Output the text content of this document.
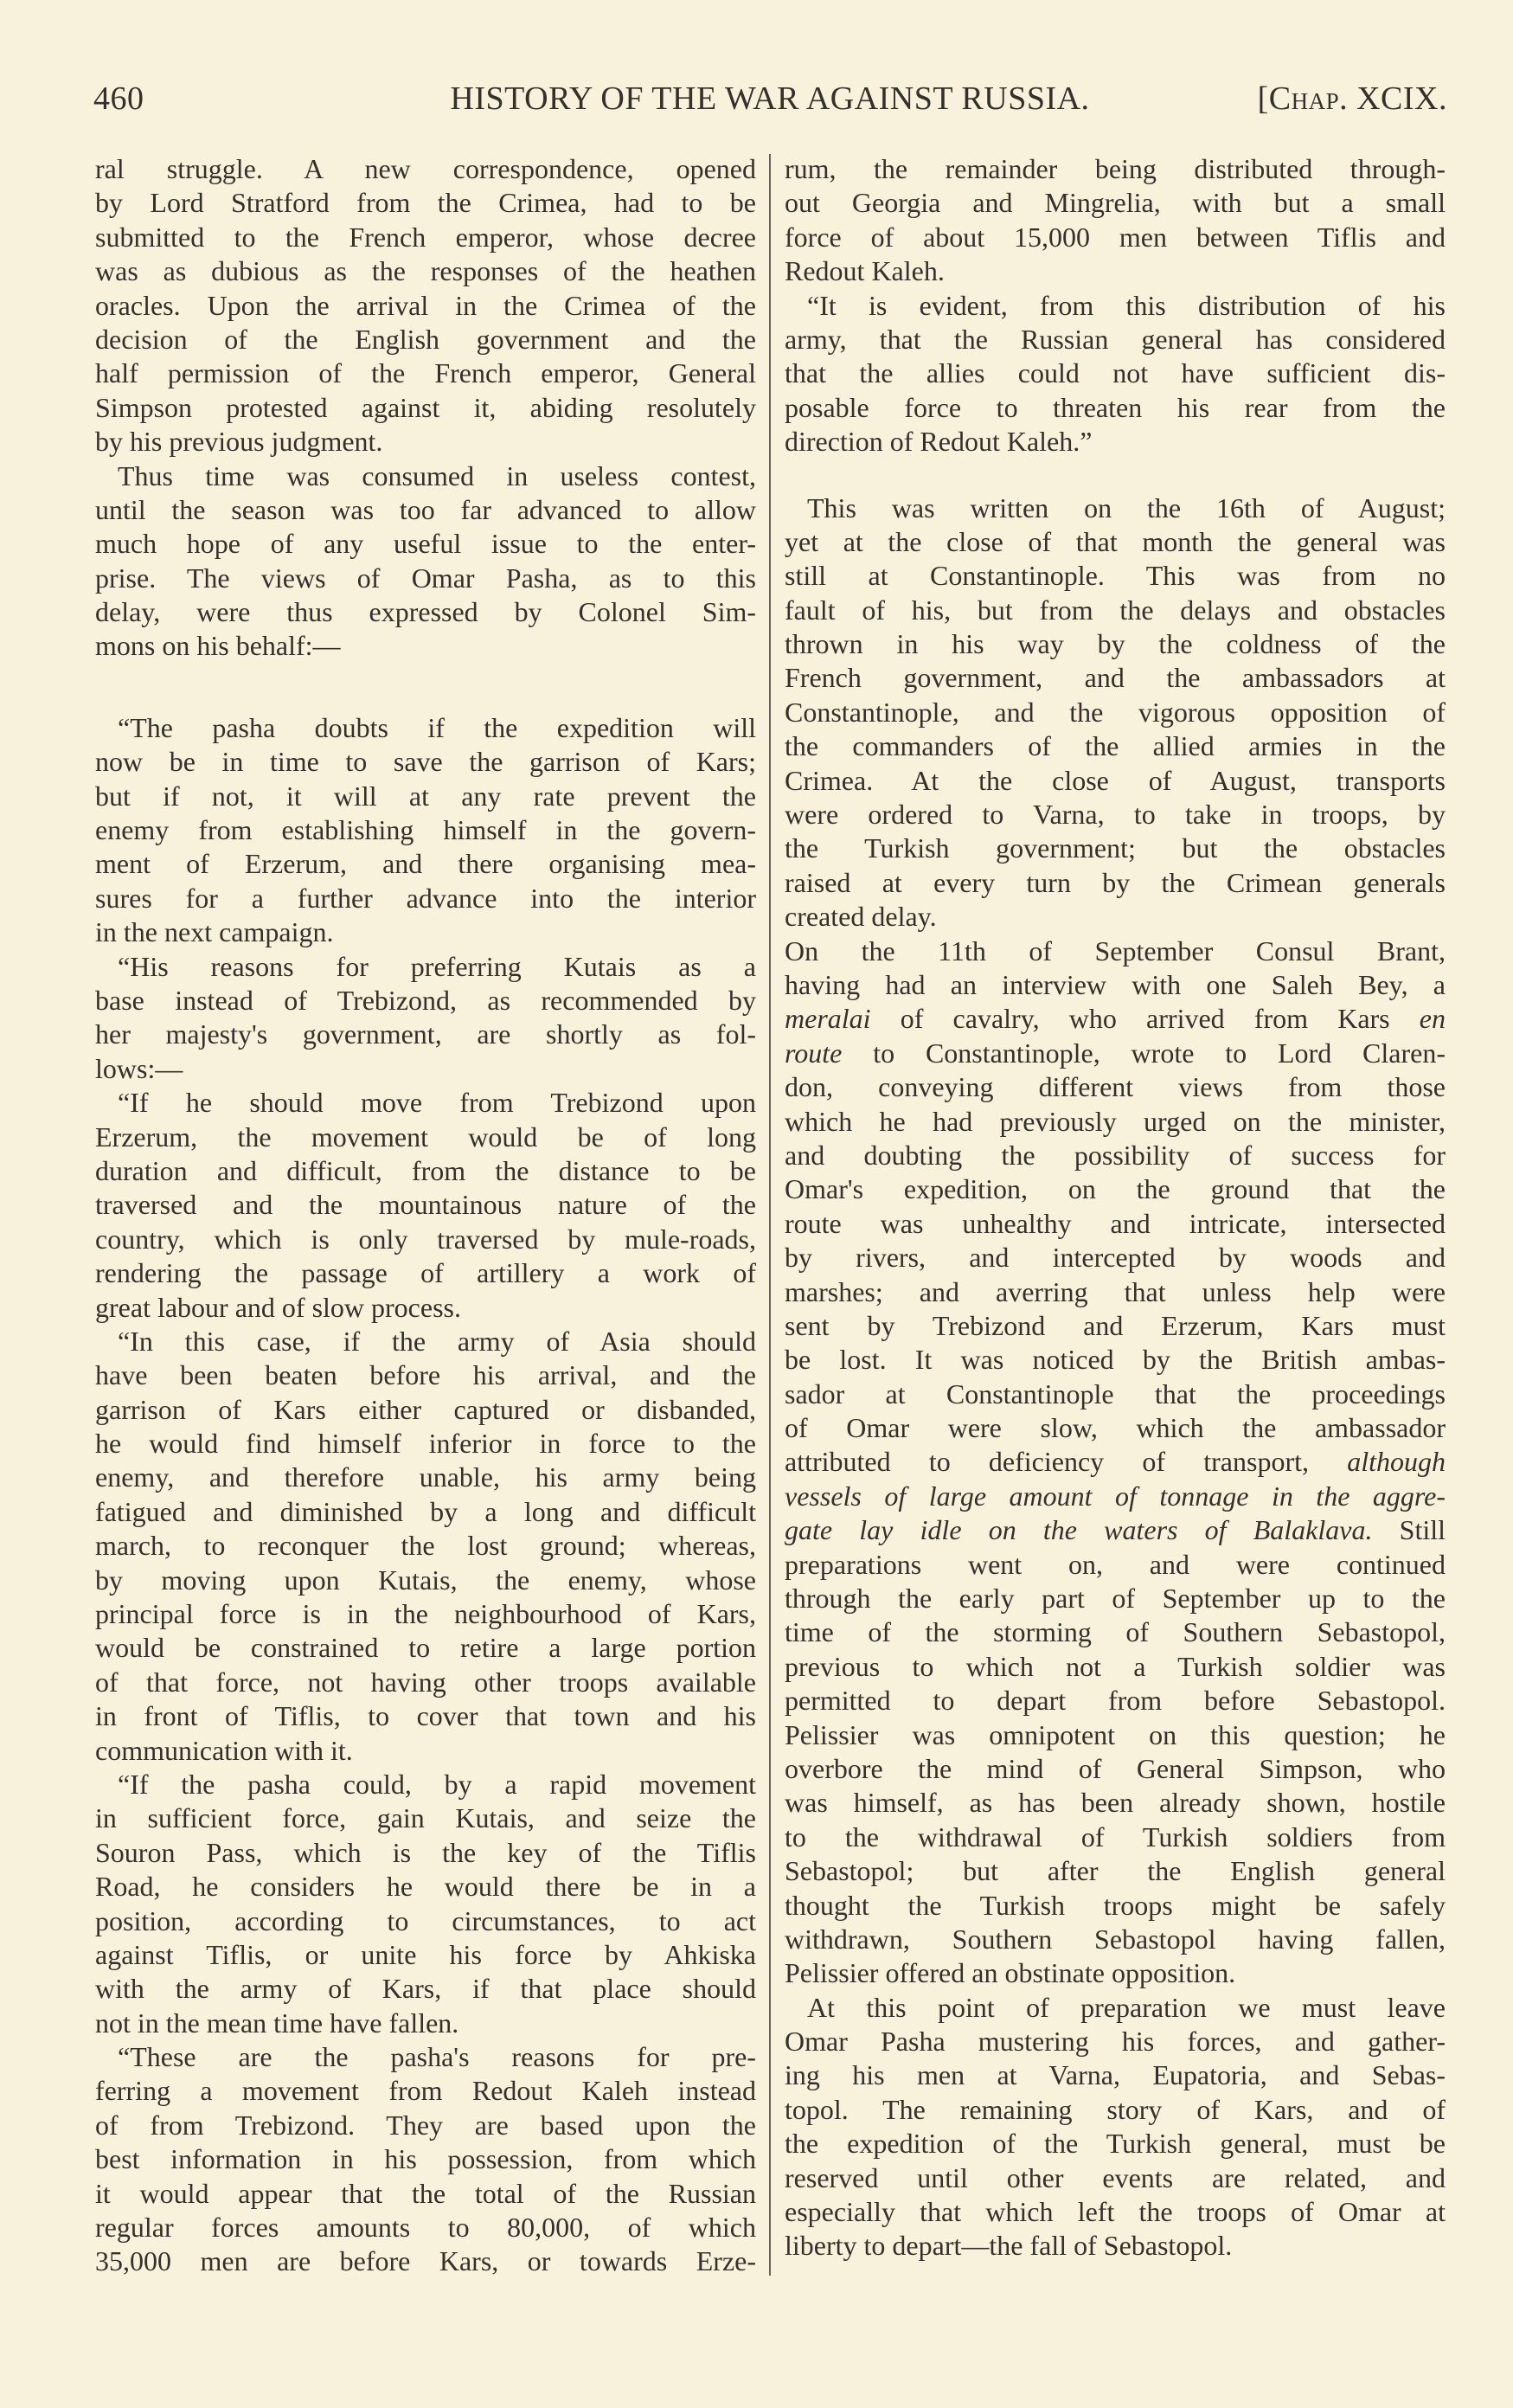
460	HISTORY OF THE WAR AGAINST RUSSIA.	[Chap. XCIX.
ral struggle. A new correspondence, opened
by Lord Stratford from the Crimea, had to be
submitted to the French emperor, whose decree
was as dubious as the responses of the heathen
oracles. Upon the arrival in the Crimea of the
decision of the English government and the
half permission of the French emperor, General
Simpson protested against it, abiding resolutely
by his previous judgment.
Thus time was consumed in useless contest,
until the season was too far advanced to allow
much hope of any useful issue to the enter-
prise. The views of Omar Pasha, as to this
delay, were thus expressed by Colonel Sim-
mons on his behalf:—
“The pasha doubts if the expedition will
now be in time to save the garrison of Kars;
but if not, it will at any rate prevent the
enemy from establishing himself in the govern-
ment of Erzerum, and there organising mea-
sures for a further advance into the interior
in the next campaign.
“His reasons for preferring Kutais as a
base instead of Trebizond, as recommended by
her majesty's government, are shortly as fol-
lows:—
“If he should move from Trebizond upon
Erzerum, the movement would be of long
duration and difficult, from the distance to be
traversed and the mountainous nature of the
country, which is only traversed by mule-roads,
rendering the passage of artillery a work of
great labour and of slow process.
“In this case, if the army of Asia should
have been beaten before his arrival, and the
garrison of Kars either captured or disbanded,
he would find himself inferior in force to the
enemy, and therefore unable, his army being
fatigued and diminished by a long and difficult
march, to reconquer the lost ground; whereas,
by moving upon Kutais, the enemy, whose
principal force is in the neighbourhood of Kars,
would be constrained to retire a large portion
of that force, not having other troops available
in front of Tiflis, to cover that town and his
communication with it.
“If the pasha could, by a rapid movement
in sufficient force, gain Kutais, and seize the
Souron Pass, which is the key of the Tiflis
Road, he considers he would there be in a
position, according to circumstances, to act
against Tiflis, or unite his force by Ahkiska
with the army of Kars, if that place should
not in the mean time have fallen.
“These are the pasha's reasons for pre-
ferring a movement from Redout Kaleh instead
of from Trebizond. They are based upon the
best information in his possession, from which
it would appear that the total of the Russian
regular forces amounts to 80,000, of which
35,000 men are before Kars, or towards Erze-
rum, the remainder being distributed through-
out Georgia and Mingrelia, with but a small
force of about 15,000 men between Tiflis and
Redout Kaleh.
“It is evident, from this distribution of his
army, that the Russian general has considered
that the allies could not have sufficient dis-
posable force to threaten his rear from the
direction of Redout Kaleh.”
This was written on the 16th of August;
yet at the close of that month the general was
still at Constantinople. This was from no
fault of his, but from the delays and obstacles
thrown in his way by the coldness of the
French government, and the ambassadors at
Constantinople, and the vigorous opposition of
the commanders of the allied armies in the
Crimea. At the close of August, transports
were ordered to Varna, to take in troops, by
the Turkish government; but the obstacles
raised at every turn by the Crimean generals
created delay.
On the 11th of September Consul Brant,
having had an interview with one Saleh Bey, a
meralai of cavalry, who arrived from Kars en
route to Constantinople, wrote to Lord Claren-
don, conveying different views from those
which he had previously urged on the minister,
and doubting the possibility of success for
Omar's expedition, on the ground that the
route was unhealthy and intricate, intersected
by rivers, and intercepted by woods and
marshes; and averring that unless help were
sent by Trebizond and Erzerum, Kars must
be lost. It was noticed by the British ambas-
sador at Constantinople that the proceedings
of Omar were slow, which the ambassador
attributed to deficiency of transport, although
vessels of large amount of tonnage in the aggre-
gate lay idle on the waters of Balaklava. Still
preparations went on, and were continued
through the early part of September up to the
time of the storming of Southern Sebastopol,
previous to which not a Turkish soldier was
permitted to depart from before Sebastopol.
Pelissier was omnipotent on this question; he
overbore the mind of General Simpson, who
was himself, as has been already shown, hostile
to the withdrawal of Turkish soldiers from
Sebastopol; but after the English general
thought the Turkish troops might be safely
withdrawn, Southern Sebastopol having fallen,
Pelissier offered an obstinate opposition.
At this point of preparation we must leave
Omar Pasha mustering his forces, and gather-
ing his men at Varna, Eupatoria, and Sebas-
topol. The remaining story of Kars, and of
the expedition of the Turkish general, must be
reserved until other events are related, and
especially that which left the troops of Omar at
liberty to depart—the fall of Sebastopol.
